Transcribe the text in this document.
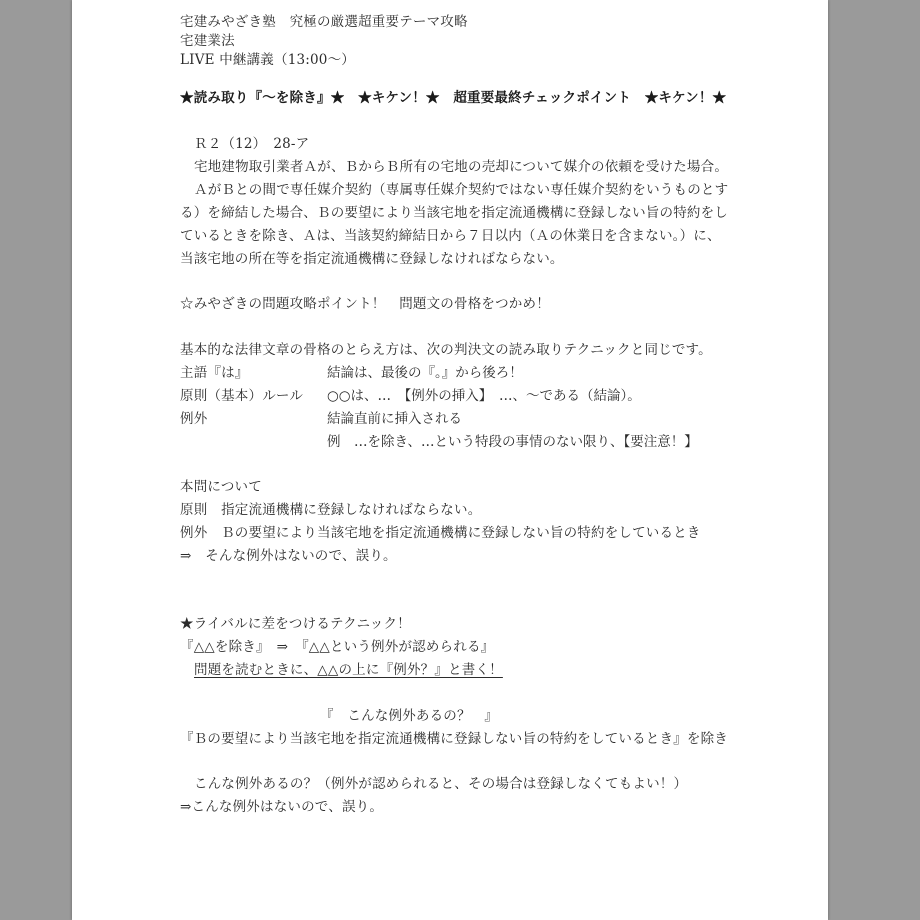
宅建みやざき塾　究極の厳選超重要テーマ攻略
宅建業法
LIVE 中継講義（13:00〜）
★読み取り『〜を除き』★　★キケン！★　超重要最終チェックポイント　★キケン！★
Ｒ２（12）　28-ア
宅地建物取引業者Ａが、ＢからＢ所有の宅地の売却について媒介の依頼を受けた場合。
ＡがＢとの間で専任媒介契約（専属専任媒介契約ではない専任媒介契約をいうものとす
る）を締結した場合、Ｂの要望により当該宅地を指定流通機構に登録しない旨の特約をし
ているときを除き、Ａは、当該契約締結日から７日以内（Ａの休業日を含まない。）に、
当該宅地の所在等を指定流通機構に登録しなければならない。
☆みやざきの問題攻略ポイント！　問題文の骨格をつかめ！
基本的な法律文章の骨格のとらえ方は、次の判決文の読み取りテクニックと同じです。
主語『は』	結論は、最後の『。』から後ろ！
原則（基本）ルール ○○は、…　【例外の挿入】　…、〜である（結論）。
例外	結論直前に挿入される
例　…を除き、…という特段の事情のない限り、【要注意！】
本問について
原則　指定流通機構に登録しなければならない。
例外　Ｂの要望により当該宅地を指定流通機構に登録しない旨の特約をしているとき
⇒　そんな例外はないので、誤り。
★ライバルに差をつけるテクニック！
『△△を除き』　⇒　『△△という例外が認められる』
問題を読むときに、△△の上に『例外？』と書く！
『　こんな例外あるの？　』
『Ｂの要望により当該宅地を指定流通機構に登録しない旨の特約をしているとき』を除き
こんな例外あるの？（例外が認められると、その場合は登録しなくてもよい！）
⇒こんな例外はないので、誤り。
